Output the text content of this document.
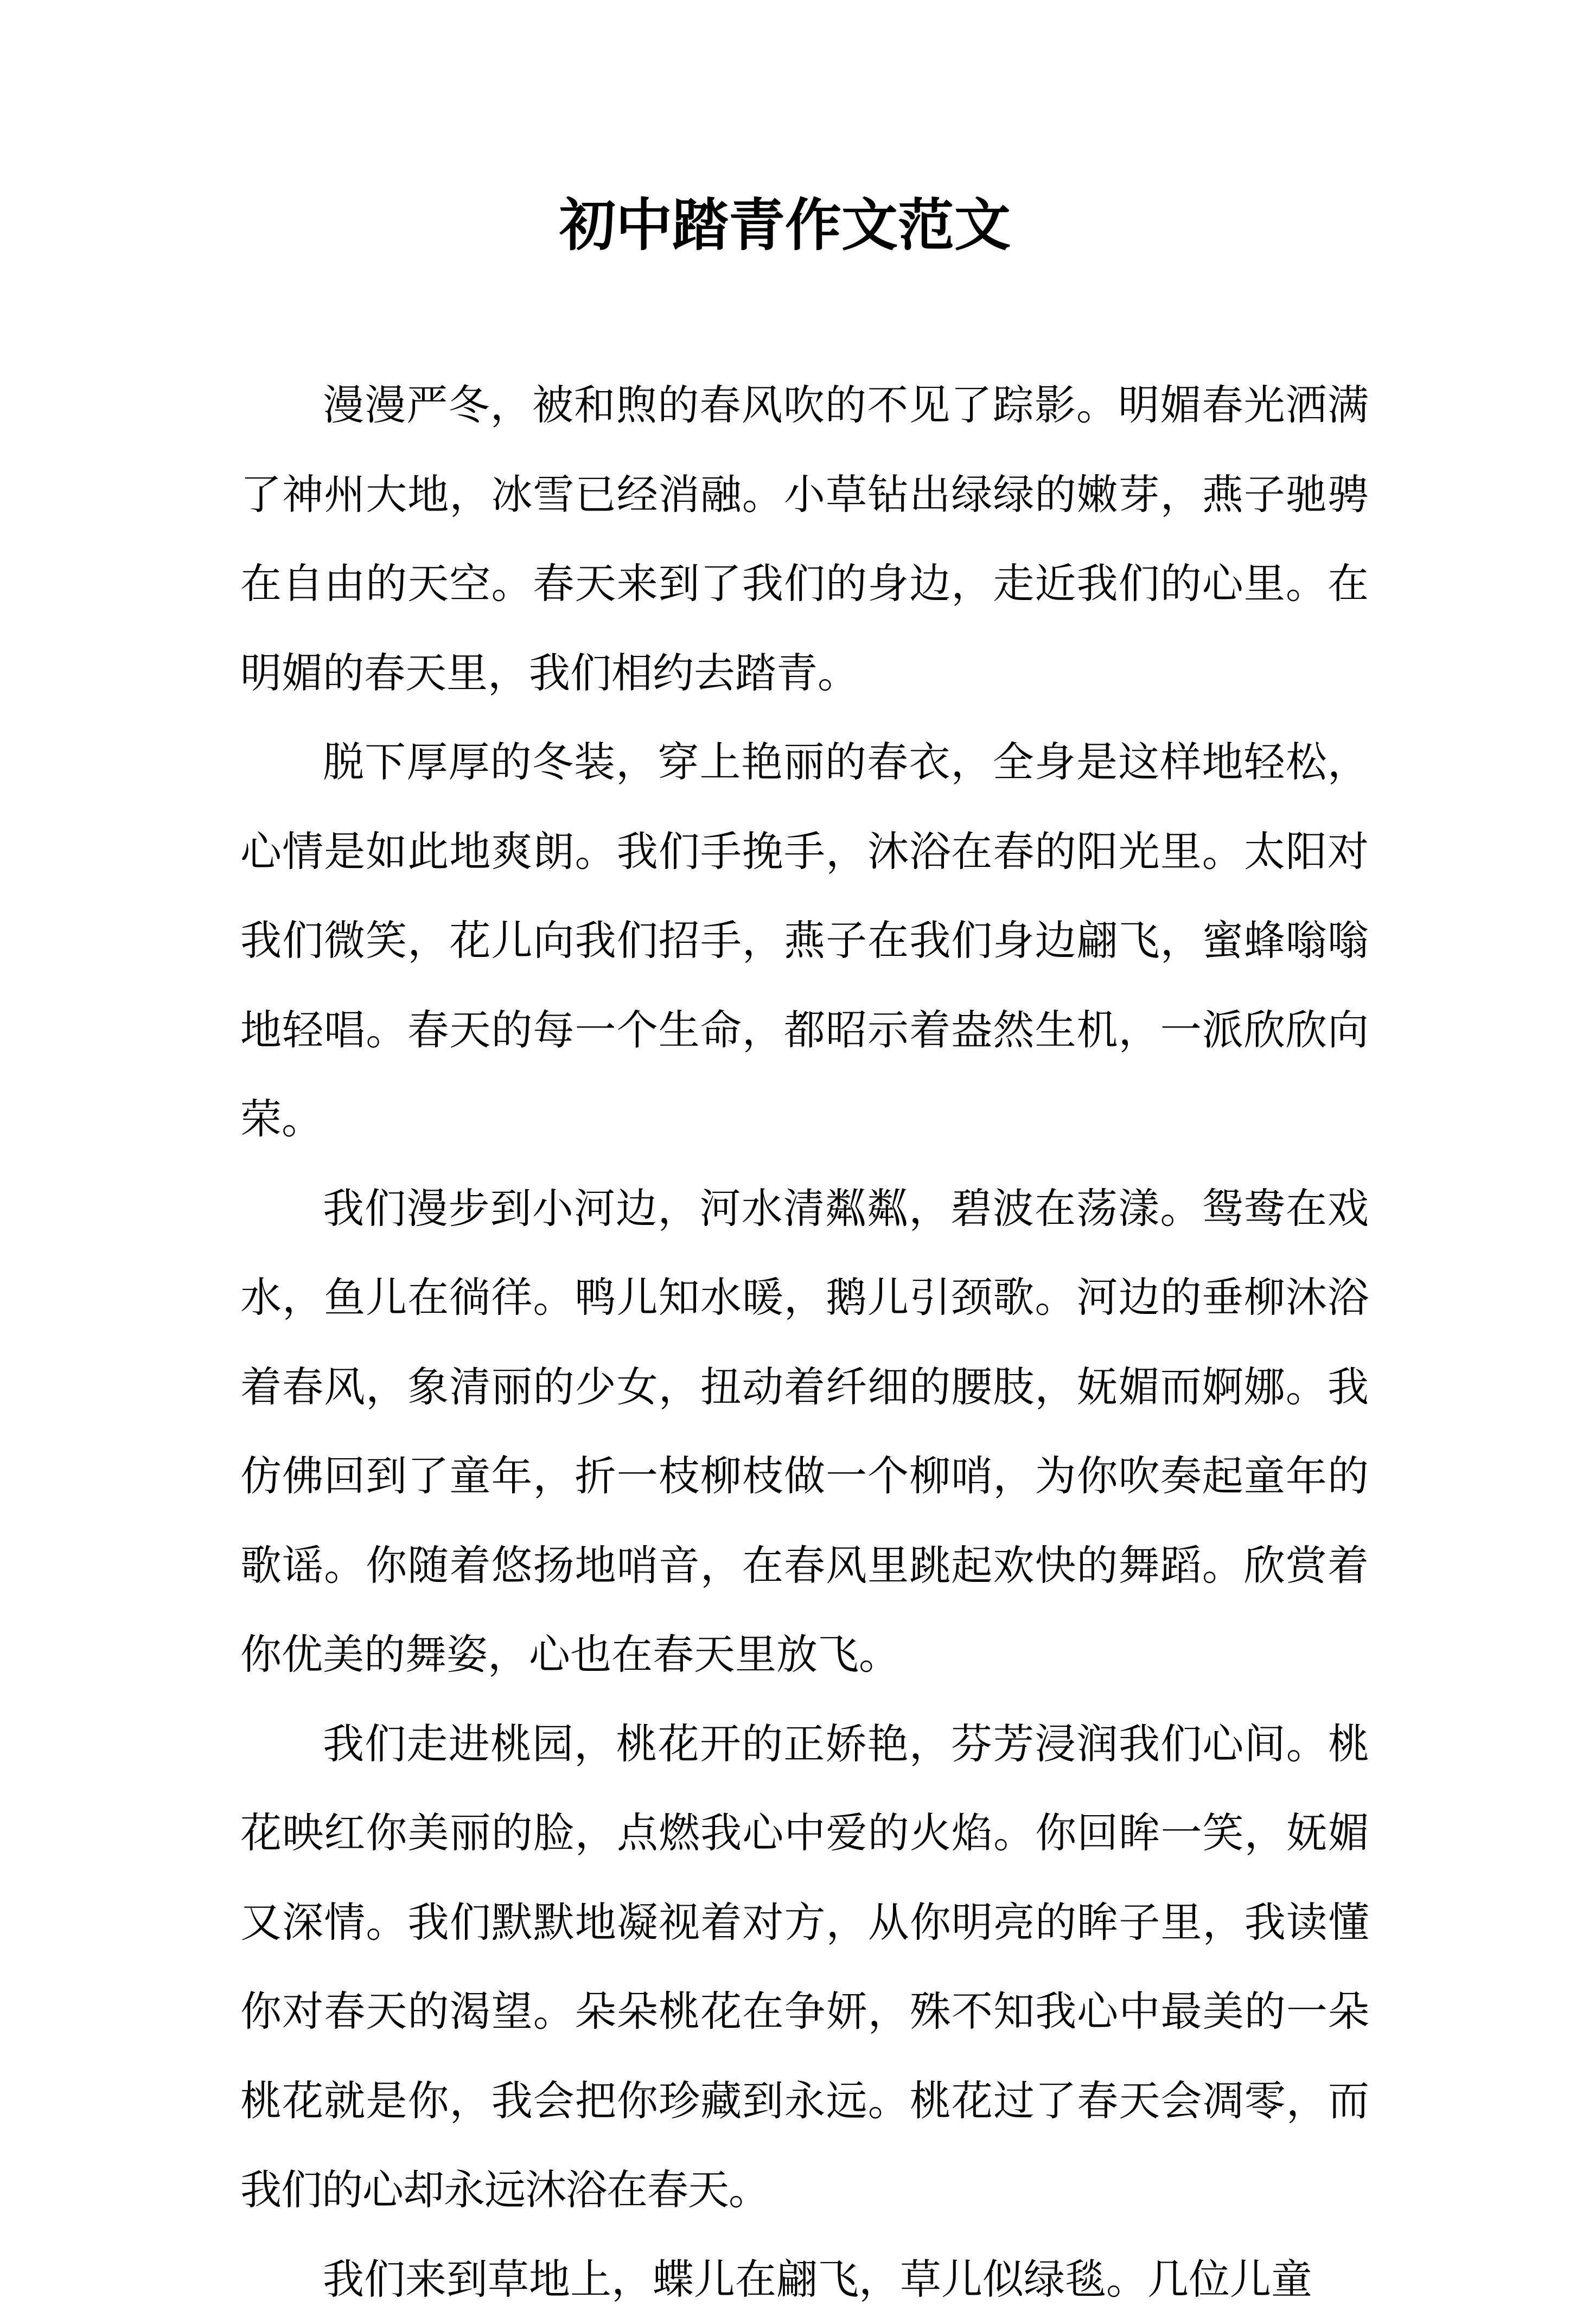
初中踏青作文范文

漫漫严冬，被和煦的春风吹的不见了踪影。明媚春光洒满了神州大地，冰雪已经消融。小草钻出绿绿的嫩芽，燕子驰骋在自由的天空。春天来到了我们的身边，走近我们的心里。在明媚的春天里，我们相约去踏青。

脱下厚厚的冬装，穿上艳丽的春衣，全身是这样地轻松，心情是如此地爽朗。我们手挽手，沐浴在春的阳光里。太阳对我们微笑，花儿向我们招手，燕子在我们身边翩飞，蜜蜂嗡嗡地轻唱。春天的每一个生命，都昭示着盎然生机，一派欣欣向荣。

我们漫步到小河边，河水清粼粼，碧波在荡漾。鸳鸯在戏水，鱼儿在徜徉。鸭儿知水暖，鹅儿引颈歌。河边的垂柳沐浴着春风，象清丽的少女，扭动着纤细的腰肢，妩媚而婀娜。我仿佛回到了童年，折一枝柳枝做一个柳哨，为你吹奏起童年的歌谣。你随着悠扬地哨音，在春风里跳起欢快的舞蹈。欣赏着你优美的舞姿，心也在春天里放飞。

我们走进桃园，桃花开的正娇艳，芬芳浸润我们心间。桃花映红你美丽的脸，点燃我心中爱的火焰。你回眸一笑，妩媚又深情。我们默默地凝视着对方，从你明亮的眸子里，我读懂你对春天的渴望。朵朵桃花在争妍，殊不知我心中最美的一朵桃花就是你，我会把你珍藏到永远。桃花过了春天会凋零，而我们的心却永远沐浴在春天。

我们来到草地上，蝶儿在翩飞，草儿似绿毯。几位儿童
